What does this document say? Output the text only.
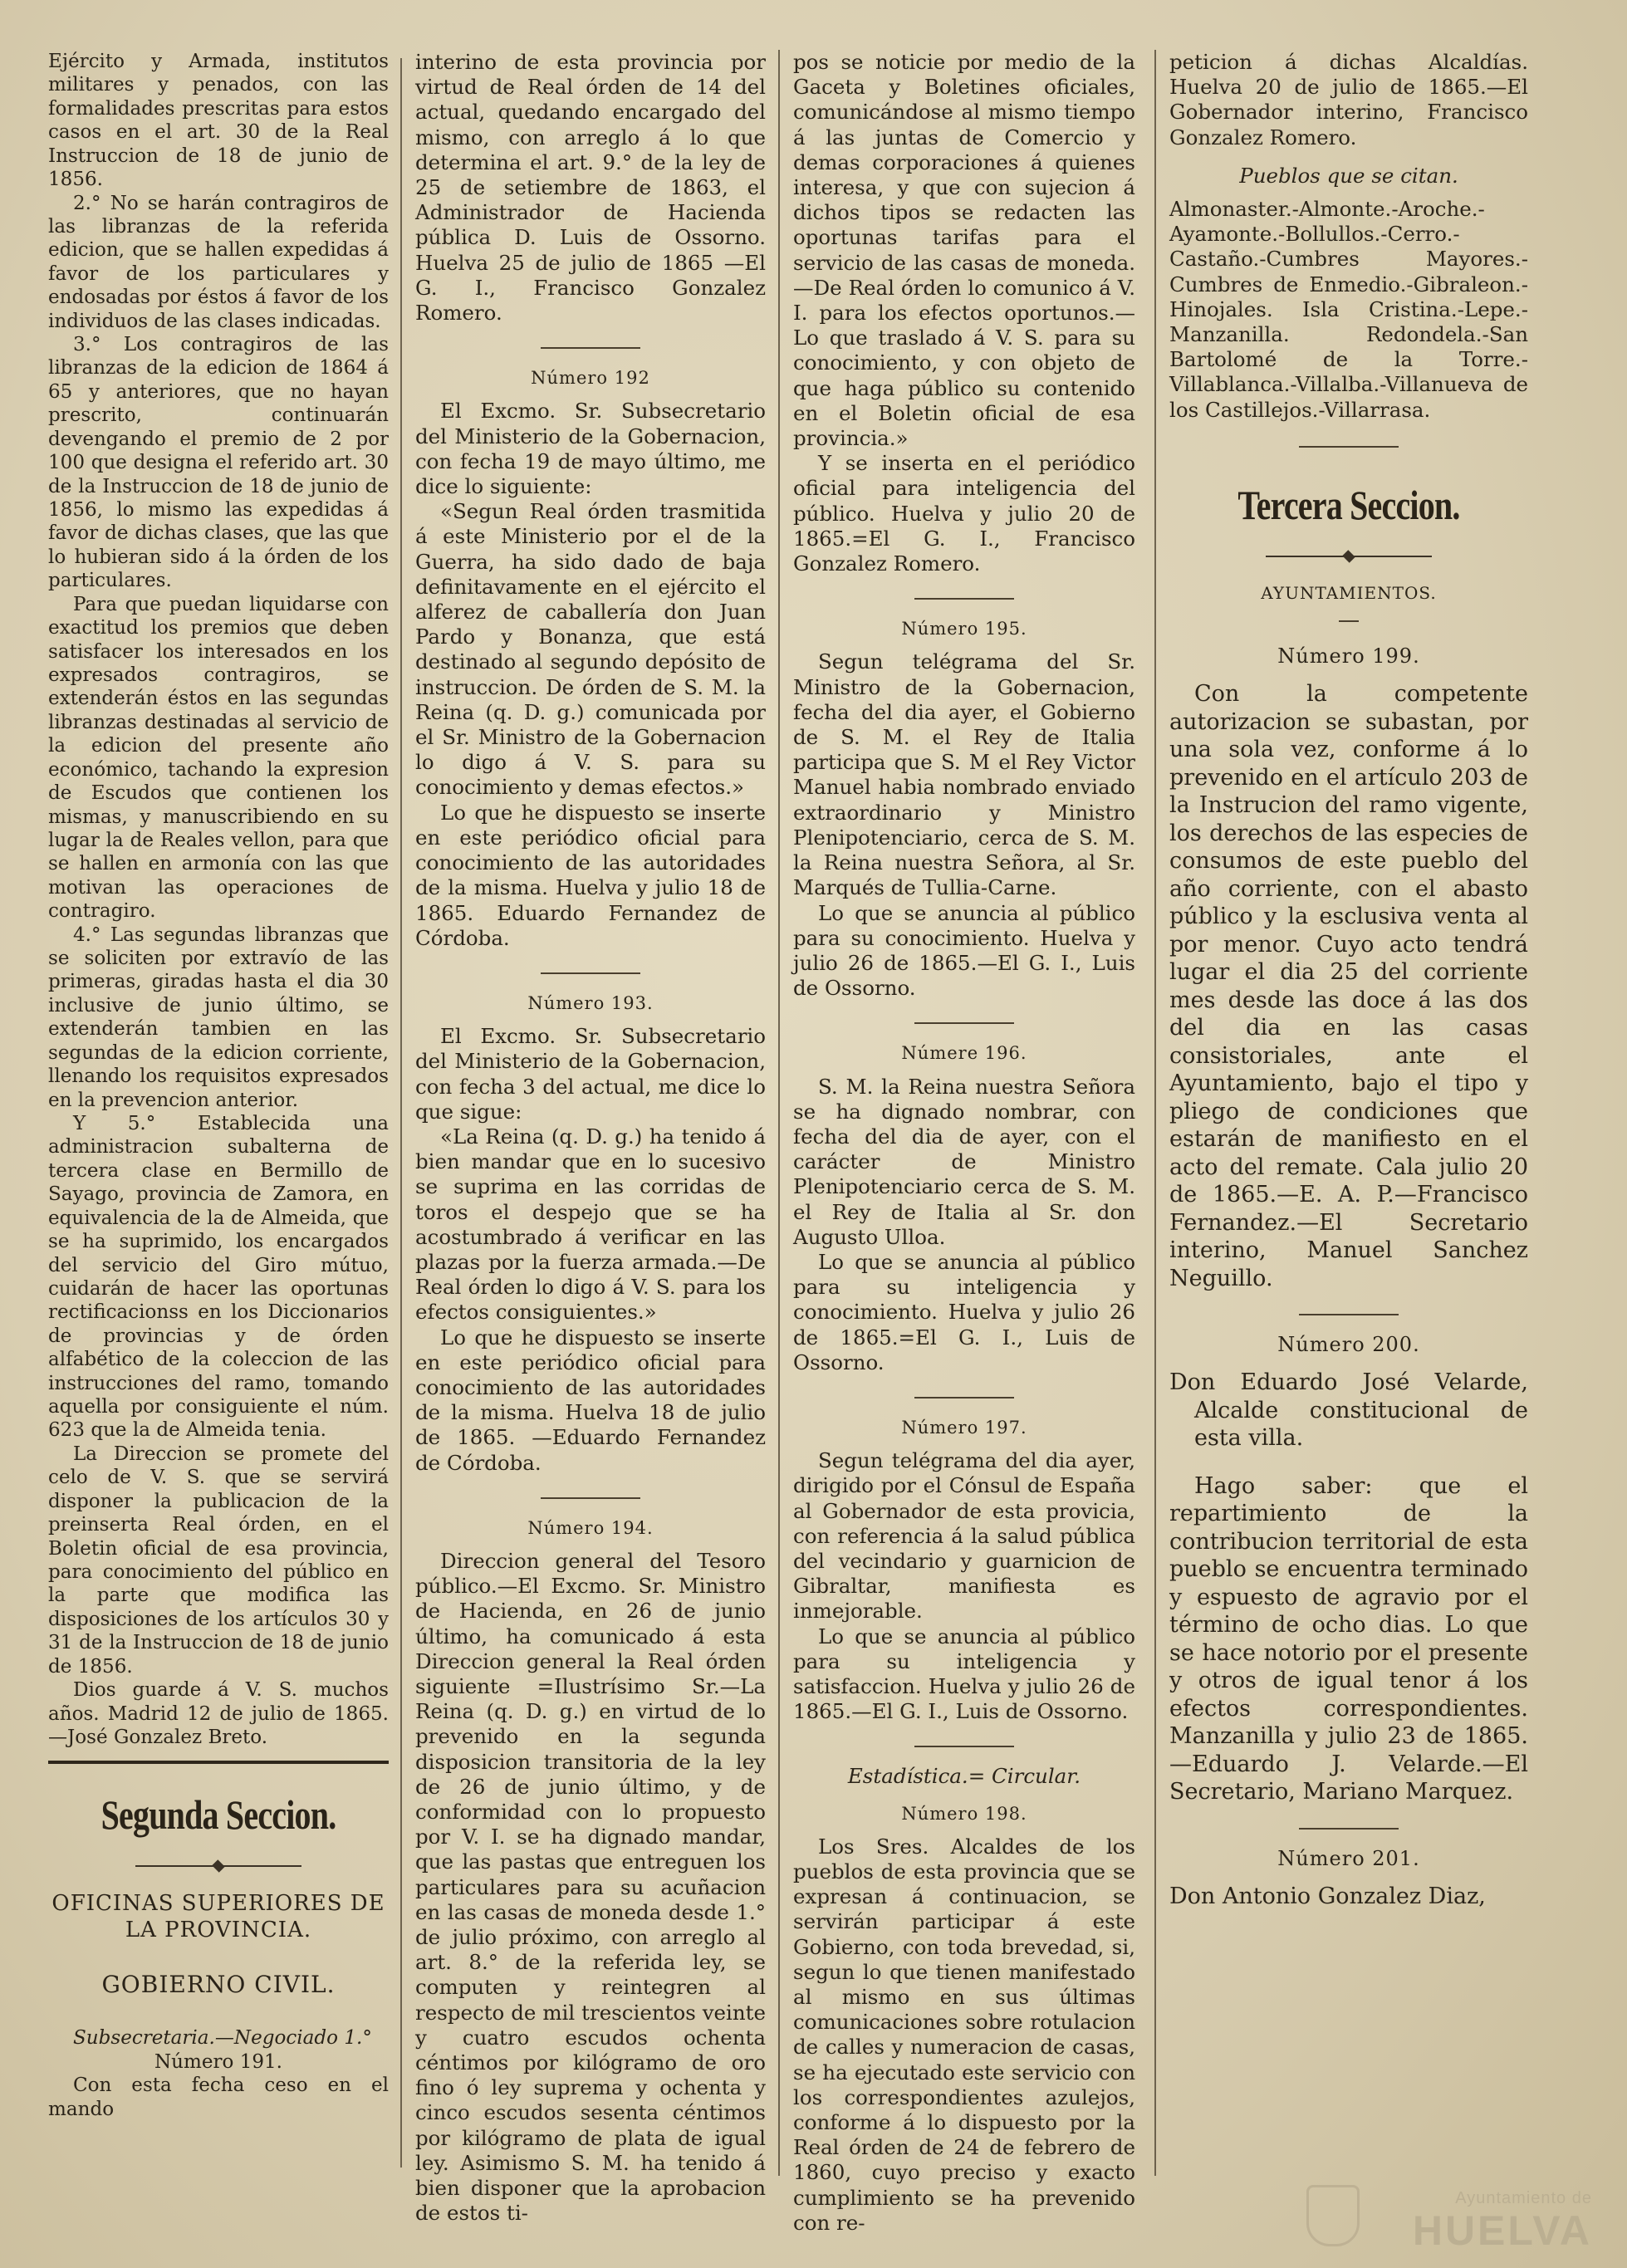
Ejército y Armada, institutos militares y penados, con las formalidades prescritas para estos casos en el art. 30 de la Real Instruccion de 18 de junio de 1856.

2.° No se harán contragiros de las libranzas de la referida edicion, que se hallen expedidas á favor de los particulares y endosadas por éstos á favor de los individuos de las clases indicadas.

3.° Los contragiros de las libranzas de la edicion de 1864 á 65 y anteriores, que no hayan prescrito, continuarán devengando el premio de 2 por 100 que designa el referido art. 30 de la Instruccion de 18 de junio de 1856, lo mismo las expedidas á favor de dichas clases, que las que lo hubieran sido á la órden de los particulares.

Para que puedan liquidarse con exactitud los premios que deben satisfacer los interesados en los expresados contragiros, se extenderán éstos en las segundas libranzas destinadas al servicio de la edicion del presente año económico, tachando la expresion de Escudos que contienen los mismas, y manuscribiendo en su lugar la de Reales vellon, para que se hallen en armonía con las que motivan las operaciones de contragiro.

4.° Las segundas libranzas que se soliciten por extravío de las primeras, giradas hasta el dia 30 inclusive de junio último, se extenderán tambien en las segundas de la edicion corriente, llenando los requisitos expresados en la prevencion anterior.

Y 5.° Establecida una administracion subalterna de tercera clase en Bermillo de Sayago, provincia de Zamora, en equivalencia de la de Almeida, que se ha suprimido, los encargados del servicio del Giro mútuo, cuidarán de hacer las oportunas rectificacionss en los Diccionarios de provincias y de órden alfabético de la coleccion de las instrucciones del ramo, tomando aquella por consiguiente el núm. 623 que la de Almeida tenia.

La Direccion se promete del celo de V. S. que se servirá disponer la publicacion de la preinserta Real órden, en el Boletin oficial de esa provincia, para conocimiento del público en la parte que modifica las disposiciones de los artículos 30 y 31 de la Instruccion de 18 de junio de 1856.

Dios guarde á V. S. muchos años. Madrid 12 de julio de 1865. —José Gonzalez Breto.

Segunda Seccion.
OFICINAS SUPERIORES DE LA PROVINCIA.
GOBIERNO CIVIL.

Subsecretaria.—Negociado 1.°

Número 191.

Con esta fecha ceso en el mando

interino de esta provincia por virtud de Real órden de 14 del actual, quedando encargado del mismo, con arreglo á lo que determina el art. 9.° de la ley de 25 de setiembre de 1863, el Administrador de Hacienda pública D. Luis de Ossorno. Huelva 25 de julio de 1865 —El G. I., Francisco Gonzalez Romero.

Número 192

El Excmo. Sr. Subsecretario del Ministerio de la Gobernacion, con fecha 19 de mayo último, me dice lo siguiente:

«Segun Real órden trasmitida á este Ministerio por el de la Guerra, ha sido dado de baja definitavamente en el ejército el alferez de caballería don Juan Pardo y Bonanza, que está destinado al segundo depósito de instruccion. De órden de S. M. la Reina (q. D. g.) comunicada por el Sr. Ministro de la Gobernacion lo digo á V. S. para su conocimiento y demas efectos.»

Lo que he dispuesto se inserte en este periódico oficial para conocimiento de las autoridades de la misma. Huelva y julio 18 de 1865. Eduardo Fernandez de Córdoba.

Número 193.

El Excmo. Sr. Subsecretario del Ministerio de la Gobernacion, con fecha 3 del actual, me dice lo que sigue:

«La Reina (q. D. g.) ha tenido á bien mandar que en lo sucesivo se suprima en las corridas de toros el despejo que se ha acostumbrado á verificar en las plazas por la fuerza armada.—De Real órden lo digo á V. S. para los efectos consiguientes.»

Lo que he dispuesto se inserte en este periódico oficial para conocimiento de las autoridades de la misma. Huelva 18 de julio de 1865. —Eduardo Fernandez de Córdoba.

Número 194.

Direccion general del Tesoro público.—El Excmo. Sr. Ministro de Hacienda, en 26 de junio último, ha comunicado á esta Direccion general la Real órden siguiente =Ilustrísimo Sr.—La Reina (q. D. g.) en virtud de lo prevenido en la segunda disposicion transitoria de la ley de 26 de junio último, y de conformidad con lo propuesto por V. I. se ha dignado mandar, que las pastas que entreguen los particulares para su acuñacion en las casas de moneda desde 1.° de julio próximo, con arreglo al art. 8.° de la referida ley, se computen y reintegren al respecto de mil trescientos veinte y cuatro escudos ochenta céntimos por kilógramo de oro fino ó ley suprema y ochenta y cinco escudos sesenta céntimos por kilógramo de plata de igual ley. Asimismo S. M. ha tenido á bien disponer que la aprobacion de estos ti-

pos se noticie por medio de la Gaceta y Boletines oficiales, comunicándose al mismo tiempo á las juntas de Comercio y demas corporaciones á quienes interesa, y que con sujecion á dichos tipos se redacten las oportunas tarifas para el servicio de las casas de moneda.—De Real órden lo comunico á V. I. para los efectos oportunos.—Lo que traslado á V. S. para su conocimiento, y con objeto de que haga público su contenido en el Boletin oficial de esa provincia.»

Y se inserta en el periódico oficial para inteligencia del público. Huelva y julio 20 de 1865.=El G. I., Francisco Gonzalez Romero.

Número 195.

Segun telégrama del Sr. Ministro de la Gobernacion, fecha del dia ayer, el Gobierno de S. M. el Rey de Italia participa que S. M el Rey Victor Manuel habia nombrado enviado extraordinario y Ministro Plenipotenciario, cerca de S. M. la Reina nuestra Señora, al Sr. Marqués de Tullia-Carne.

Lo que se anuncia al público para su conocimiento. Huelva y julio 26 de 1865.—El G. I., Luis de Ossorno.

Númere 196.

S. M. la Reina nuestra Señora se ha dignado nombrar, con fecha del dia de ayer, con el carácter de Ministro Plenipotenciario cerca de S. M. el Rey de Italia al Sr. don Augusto Ulloa.

Lo que se anuncia al público para su inteligencia y conocimiento. Huelva y julio 26 de 1865.=El G. I., Luis de Ossorno.

Número 197.

Segun telégrama del dia ayer, dirigido por el Cónsul de España al Gobernador de esta provicia, con referencia á la salud pública del vecindario y guarnicion de Gibraltar, manifiesta es inmejorable.

Lo que se anuncia al público para su inteligencia y satisfaccion. Huelva y julio 26 de 1865.—El G. I., Luis de Ossorno.

Estadística.= Circular.

Número 198.

Los Sres. Alcaldes de los pueblos de esta provincia que se expresan á continuacion, se servirán participar á este Gobierno, con toda brevedad, si, segun lo que tienen manifestado al mismo en sus últimas comunicaciones sobre rotulacion de calles y numeracion de casas, se ha ejecutado este servicio con los correspondientes azulejos, conforme á lo dispuesto por la Real órden de 24 de febrero de 1860, cuyo preciso y exacto cumplimiento se ha prevenido con re-

peticion á dichas Alcaldías. Huelva 20 de julio de 1865.—El Gobernador interino, Francisco Gonzalez Romero.

Pueblos que se citan.

Almonaster.-Almonte.-Aroche.-Ayamonte.-Bollullos.-Cerro.-Castaño.-Cumbres Mayores.-Cumbres de Enmedio.-Gibraleon.-Hinojales. Isla Cristina.-Lepe.-Manzanilla. Redondela.-San Bartolomé de la Torre.-Villablanca.-Villalba.-Villanueva de los Castillejos.-Villarrasa.

Tercera Seccion.
AYUNTAMIENTOS.
Número 199.

Con la competente autorizacion se subastan, por una sola vez, conforme á lo prevenido en el artículo 203 de la Instrucion del ramo vigente, los derechos de las especies de consumos de este pueblo del año corriente, con el abasto público y la esclusiva venta al por menor. Cuyo acto tendrá lugar el dia 25 del corriente mes desde las doce á las dos del dia en las casas consistoriales, ante el Ayuntamiento, bajo el tipo y pliego de condiciones que estarán de manifiesto en el acto del remate. Cala julio 20 de 1865.—E. A. P.—Francisco Fernandez.—El Secretario interino, Manuel Sanchez Neguillo.

Número 200.

Don Eduardo José Velarde, Alcalde constitucional de esta villa.

Hago saber: que el repartimiento de la contribucion territorial de esta pueblo se encuentra terminado y espuesto de agravio por el término de ocho dias. Lo que se hace notorio por el presente y otros de igual tenor á los efectos correspondientes. Manzanilla y julio 23 de 1865. —Eduardo J. Velarde.—El Secretario, Mariano Marquez.

Número 201.

Don Antonio Gonzalez Diaz,

Ayuntamiento de
HUELVA
